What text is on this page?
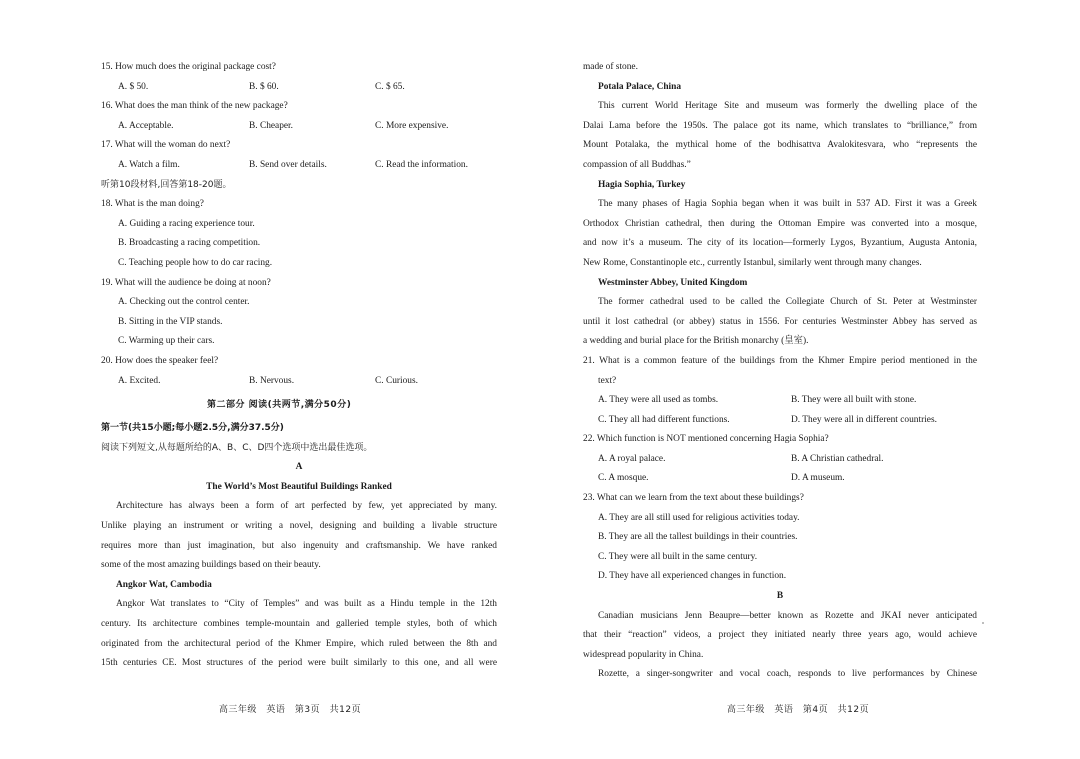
15. How much does the original package cost?
A. $ 50.	B. $ 60.	C. $ 65.
16. What does the man think of the new package?
A. Acceptable.	B. Cheaper.	C. More expensive.
17. What will the woman do next?
A. Watch a film.	B. Send over details.	C. Read the information.
听第10段材料,回答第18-20题。
18. What is the man doing?
A. Guiding a racing experience tour.
B. Broadcasting a racing competition.
C. Teaching people how to do car racing.
19. What will the audience be doing at noon?
A. Checking out the control center.
B. Sitting in the VIP stands.
C. Warming up their cars.
20. How does the speaker feel?
A. Excited.	B. Nervous.	C. Curious.
第二部分 阅读(共两节,满分50分)
第一节(共15小题;每小题2.5分,满分37.5分)
阅读下列短文,从每题所给的A、B、C、D四个选项中选出最佳选项。
A
The World’s Most Beautiful Buildings Ranked
Architecture has always been a form of art perfected by few, yet appreciated by many.
Unlike playing an instrument or writing a novel, designing and building a livable structure
requires more than just imagination, but also ingenuity and craftsmanship. We have ranked
some of the most amazing buildings based on their beauty.
Angkor Wat, Cambodia
Angkor Wat translates to “City of Temples” and was built as a Hindu temple in the 12th
century. Its architecture combines temple-mountain and galleried temple styles, both of which
originated from the architectural period of the Khmer Empire, which ruled between the 8th and
15th centuries CE. Most structures of the period were built similarly to this one, and all were
高三年级　英语　第3页　共12页
made of stone.
Potala Palace, China
This current World Heritage Site and museum was formerly the dwelling place of the
Dalai Lama before the 1950s. The palace got its name, which translates to “brilliance,” from
Mount Potalaka, the mythical home of the bodhisattva Avalokitesvara, who “represents the
compassion of all Buddhas.”
Hagia Sophia, Turkey
The many phases of Hagia Sophia began when it was built in 537 AD. First it was a Greek
Orthodox Christian cathedral, then during the Ottoman Empire was converted into a mosque,
and now it’s a museum. The city of its location—formerly Lygos, Byzantium, Augusta Antonia,
New Rome, Constantinople etc., currently Istanbul, similarly went through many changes.
Westminster Abbey, United Kingdom
The former cathedral used to be called the Collegiate Church of St. Peter at Westminster
until it lost cathedral (or abbey) status in 1556. For centuries Westminster Abbey has served as
a wedding and burial place for the British monarchy (皇室).
21. What is a common feature of the buildings from the Khmer Empire period mentioned in the
text?
A. They were all used as tombs.	B. They were all built with stone.
C. They all had different functions.	D. They were all in different countries.
22. Which function is NOT mentioned concerning Hagia Sophia?
A. A royal palace.	B. A Christian cathedral.
C. A mosque.	D. A museum.
23. What can we learn from the text about these buildings?
A. They are all still used for religious activities today.
B. They are all the tallest buildings in their countries.
C. They were all built in the same century.
D. They have all experienced changes in function.
B
Canadian musicians Jenn Beaupre—better known as Rozette and JKAI never anticipated
that their “reaction” videos, a project they initiated nearly three years ago, would achieve
widespread popularity in China.
Rozette, a singer-songwriter and vocal coach, responds to live performances by Chinese
高三年级　英语　第4页　共12页
